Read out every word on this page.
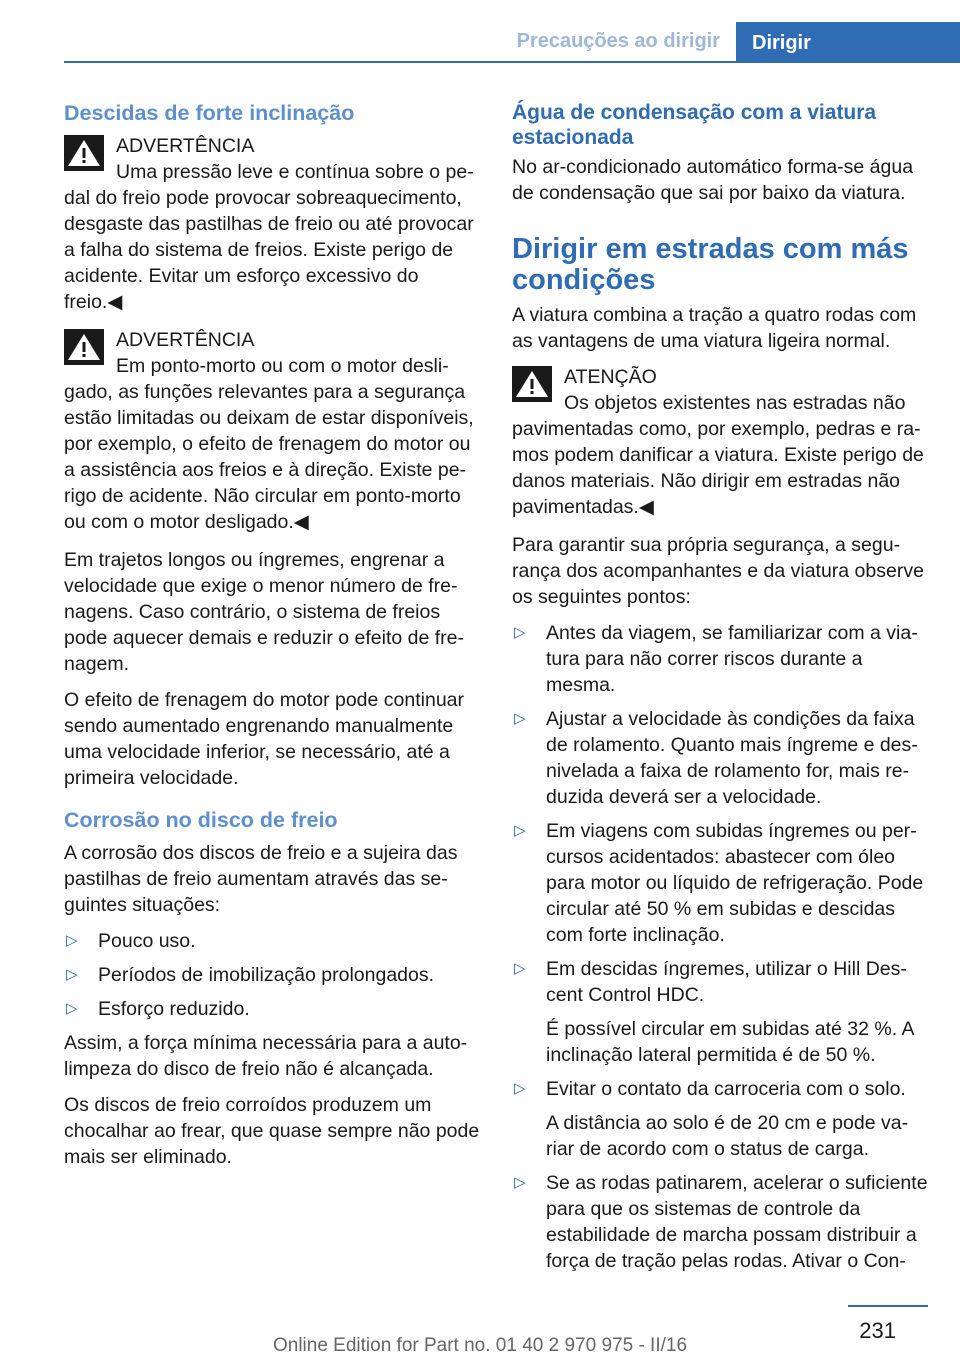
Precauções ao dirigir	Dirigir
Descidas de forte inclinação
ADVERTÊNCIA
Uma pressão leve e contínua sobre o pedal do freio pode provocar sobreaquecimento, desgaste das pastilhas de freio ou até provocar a falha do sistema de freios. Existe perigo de acidente. Evitar um esforço excessivo do freio.◀
ADVERTÊNCIA
Em ponto-morto ou com o motor desligado, as funções relevantes para a segurança estão limitadas ou deixam de estar disponíveis, por exemplo, o efeito de frenagem do motor ou a assistência aos freios e à direção. Existe perigo de acidente. Não circular em ponto-morto ou com o motor desligado.◀

Em trajetos longos ou íngremes, engrenar a velocidade que exige o menor número de frenagens. Caso contrário, o sistema de freios pode aquecer demais e reduzir o efeito de frenagem.

O efeito de frenagem do motor pode continuar sendo aumentado engrenando manualmente uma velocidade inferior, se necessário, até a primeira velocidade.

Corrosão no disco de freio

A corrosão dos discos de freio e a sujeira das pastilhas de freio aumentam através das seguintes situações:

▷ Pouco uso.
▷ Períodos de imobilização prolongados.
▷ Esforço reduzido.

Assim, a força mínima necessária para a auto-limpeza do disco de freio não é alcançada.

Os discos de freio corroídos produzem um chocalhar ao frear, que quase sempre não pode mais ser eliminado.

Água de condensação com a viatura estacionada

No ar-condicionado automático forma-se água de condensação que sai por baixo da viatura.

Dirigir em estradas com más condições

A viatura combina a tração a quatro rodas com as vantagens de uma viatura ligeira normal.

ATENÇÃO
Os objetos existentes nas estradas não pavimentadas como, por exemplo, pedras e ramos podem danificar a viatura. Existe perigo de danos materiais. Não dirigir em estradas não pavimentadas.◀

Para garantir sua própria segurança, a segurança dos acompanhantes e da viatura observe os seguintes pontos:

▷ Antes da viagem, se familiarizar com a viatura para não correr riscos durante a mesma.
▷ Ajustar a velocidade às condições da faixa de rolamento. Quanto mais íngreme e desnivelada a faixa de rolamento for, mais reduzida deverá ser a velocidade.
▷ Em viagens com subidas íngremes ou percursos acidentados: abastecer com óleo para motor ou líquido de refrigeração. Pode circular até 50 % em subidas e descidas com forte inclinação.
▷ Em descidas íngremes, utilizar o Hill Descent Control HDC.
É possível circular em subidas até 32 %. A inclinação lateral permitida é de 50 %.
▷ Evitar o contato da carroceria com o solo.
A distância ao solo é de 20 cm e pode variar de acordo com o status de carga.
▷ Se as rodas patinarem, acelerar o suficiente para que os sistemas de controle da estabilidade de marcha possam distribuir a força de tração pelas rodas. Ativar o Con-
231
Online Edition for Part no. 01 40 2 970 975 - II/16
